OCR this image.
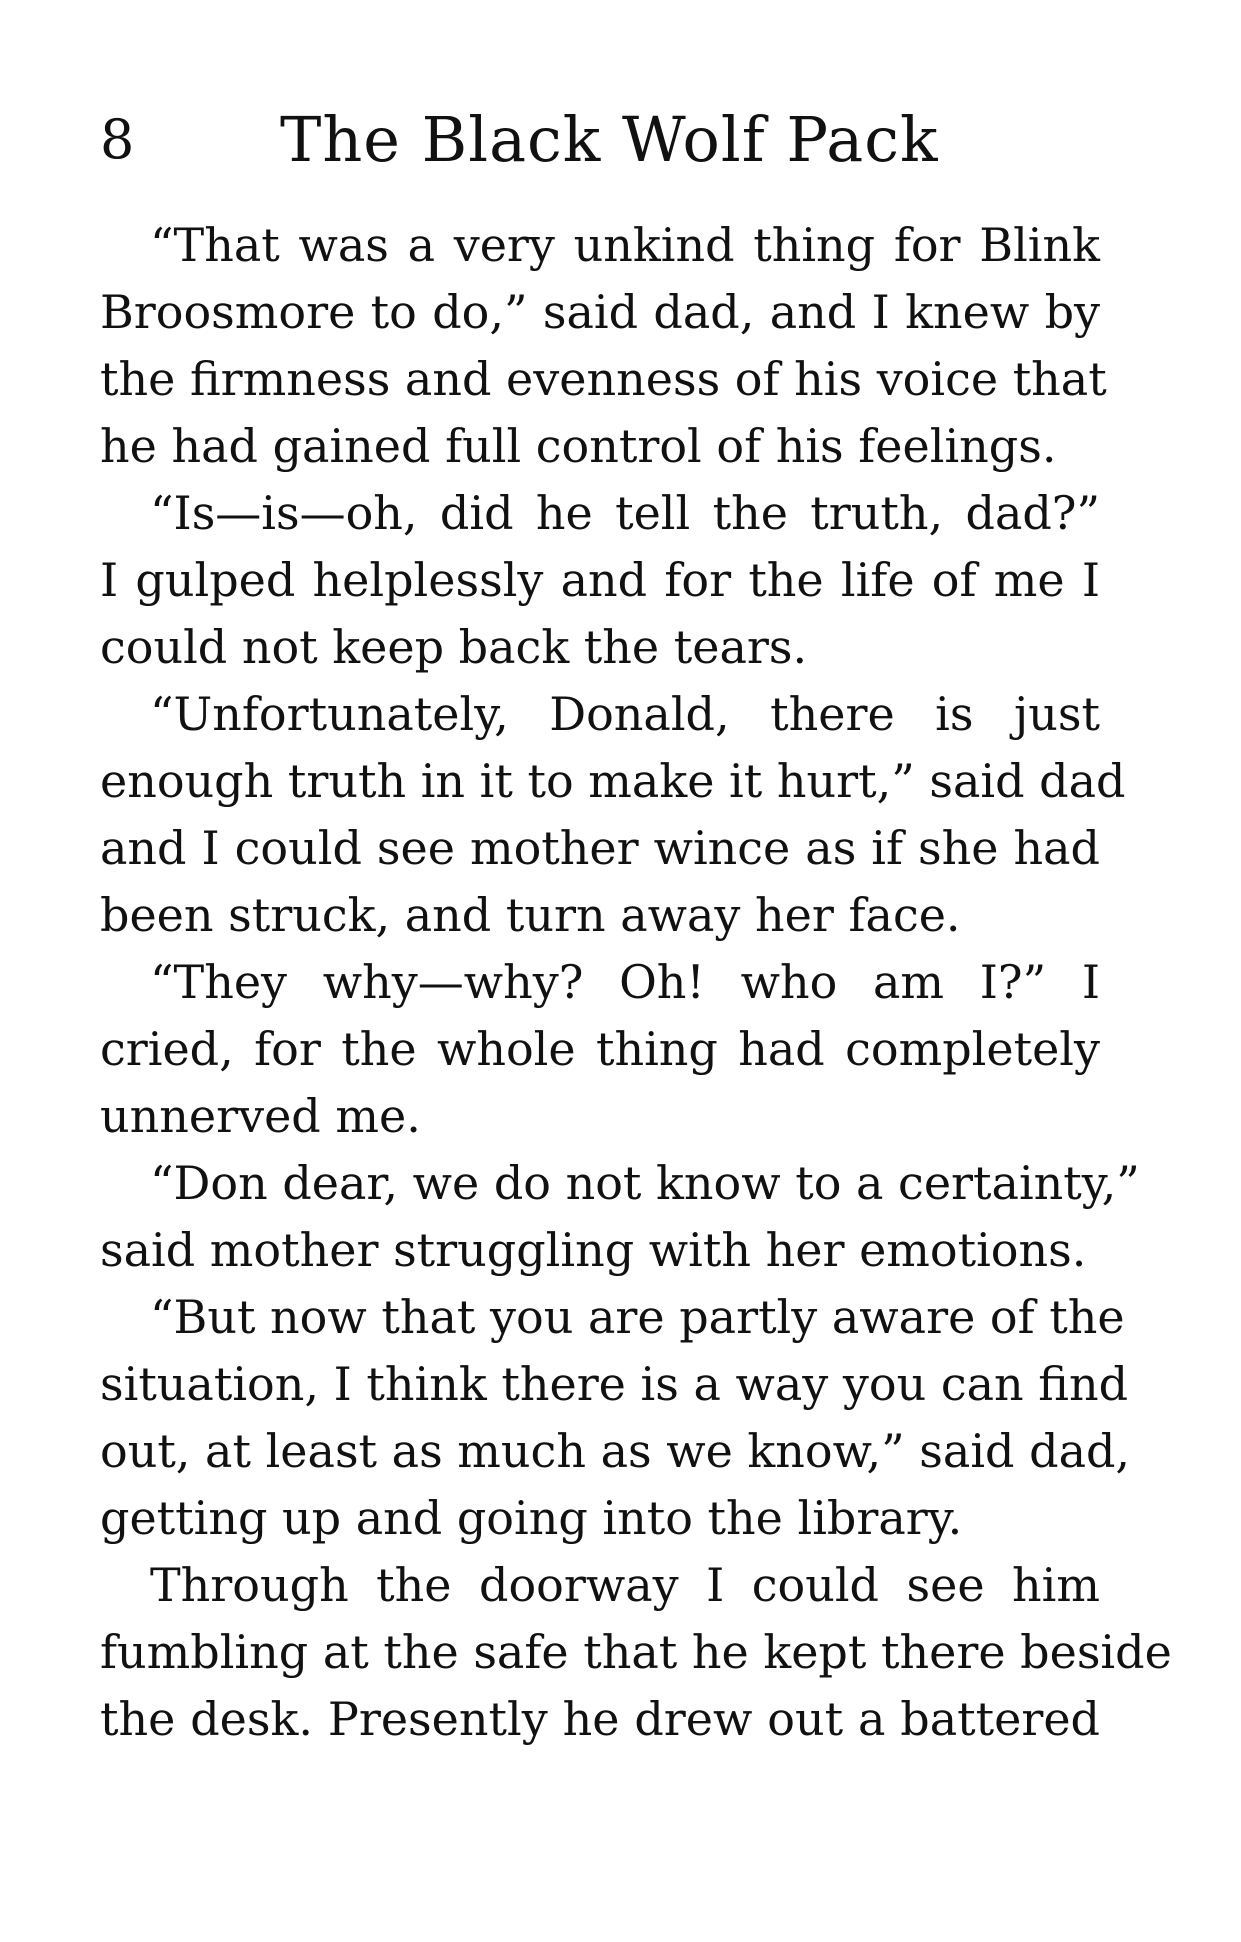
8 The Black Wolf Pack
“That was a very unkind thing for Blink
Broosmore to do,” said dad, and I knew by
the firmness and evenness of his voice that
he had gained full control of his feelings.
“Is—is—oh, did he tell the truth, dad?”
I gulped helplessly and for the life of me I
could not keep back the tears.
“Unfortunately, Donald, there is just
enough truth in it to make it hurt,” said dad
and I could see mother wince as if she had
been struck, and turn away her face.
“They why—why? Oh! who am I?” I
cried, for the whole thing had completely
unnerved me.
“Don dear, we do not know to a certainty,”
said mother struggling with her emotions.
“But now that you are partly aware of the
situation, I think there is a way you can find
out, at least as much as we know,” said dad,
getting up and going into the library.
Through the doorway I could see him
fumbling at the safe that he kept there beside
the desk. Presently he drew out a battered
